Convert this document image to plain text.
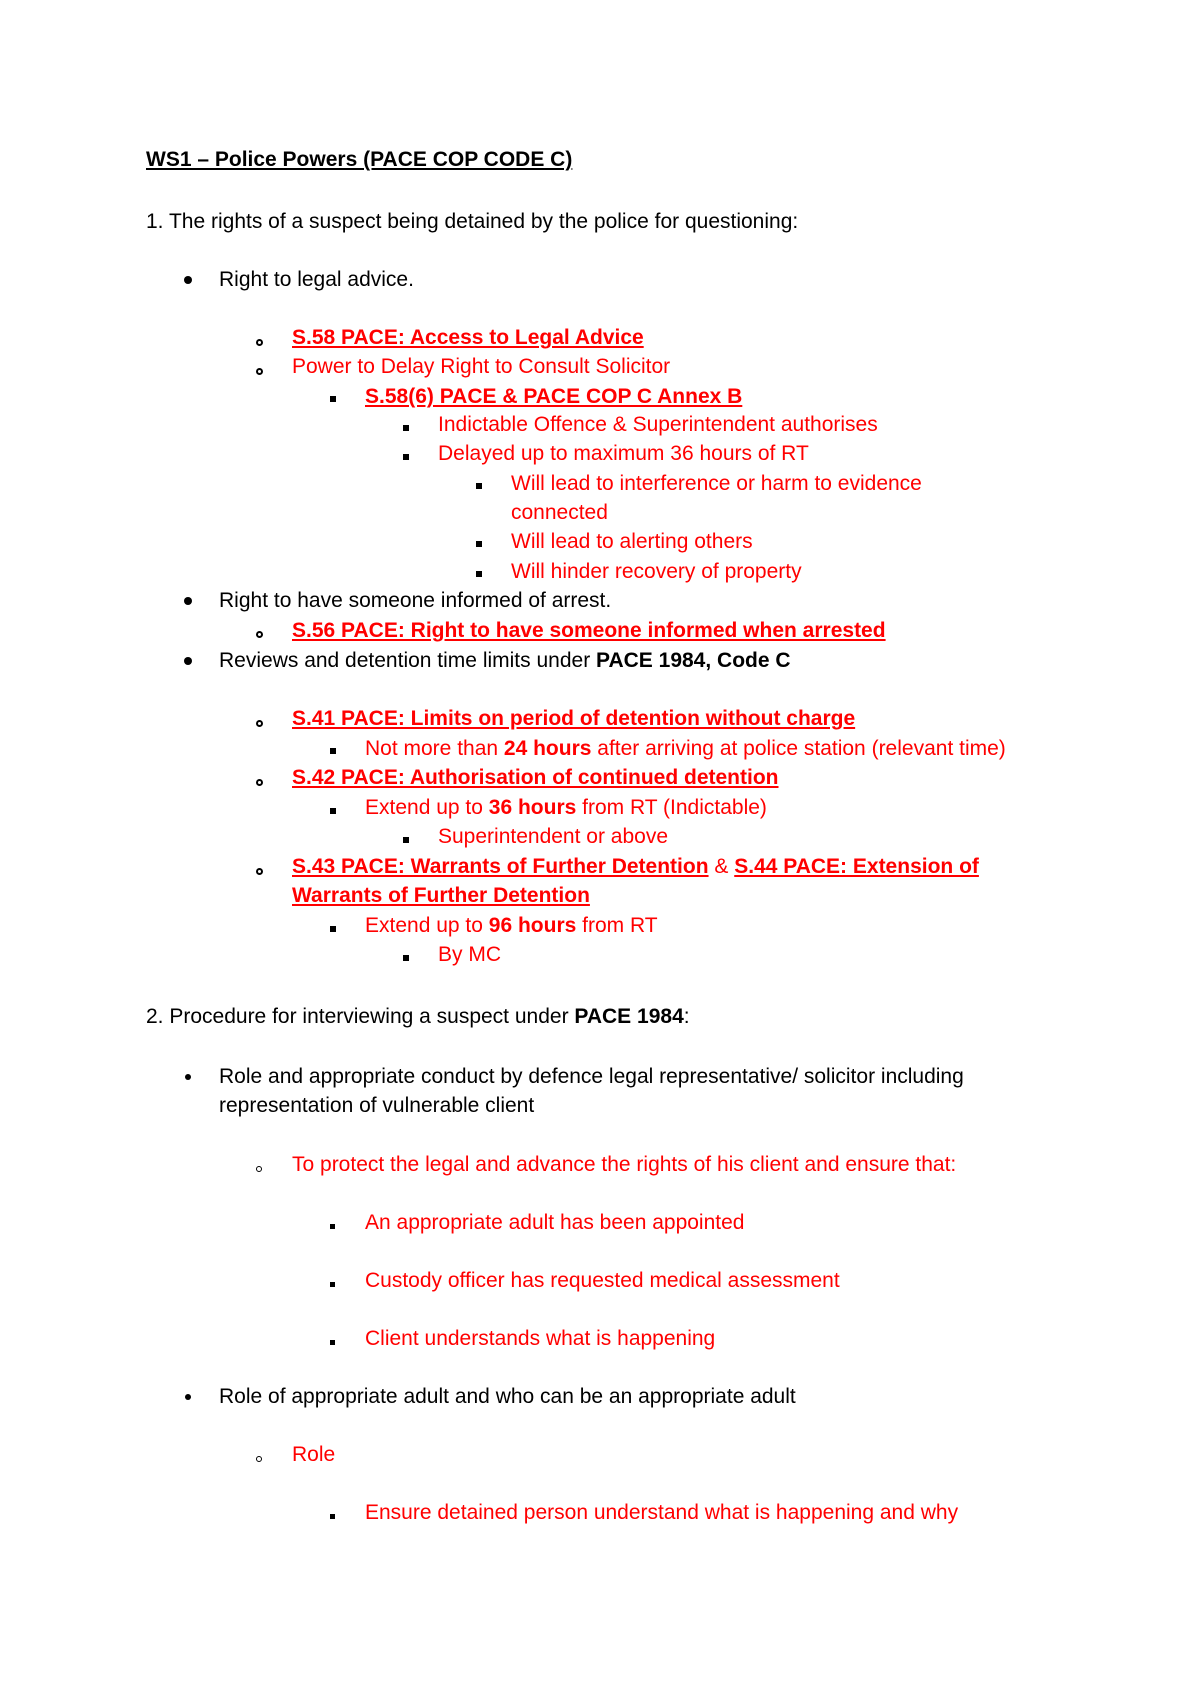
WS1 – Police Powers (PACE COP CODE C)
1. The rights of a suspect being detained by the police for questioning:
Right to legal advice.
S.58 PACE: Access to Legal Advice
Power to Delay Right to Consult Solicitor
S.58(6) PACE & PACE COP C Annex B
Indictable Offence & Superintendent authorises
Delayed up to maximum 36 hours of RT
Will lead to interference or harm to evidence
connected
Will lead to alerting others
Will hinder recovery of property
Right to have someone informed of arrest.
S.56 PACE: Right to have someone informed when arrested
Reviews and detention time limits under PACE 1984, Code C
S.41 PACE: Limits on period of detention without charge
Not more than 24 hours after arriving at police station (relevant time)
S.42 PACE: Authorisation of continued detention
Extend up to 36 hours from RT (Indictable)
Superintendent or above
S.43 PACE: Warrants of Further Detention & S.44 PACE: Extension of
Warrants of Further Detention
Extend up to 96 hours from RT
By MC
2. Procedure for interviewing a suspect under PACE 1984:
Role and appropriate conduct by defence legal representative/ solicitor including
representation of vulnerable client
To protect the legal and advance the rights of his client and ensure that:
An appropriate adult has been appointed
Custody officer has requested medical assessment
Client understands what is happening
Role of appropriate adult and who can be an appropriate adult
Role
Ensure detained person understand what is happening and why
